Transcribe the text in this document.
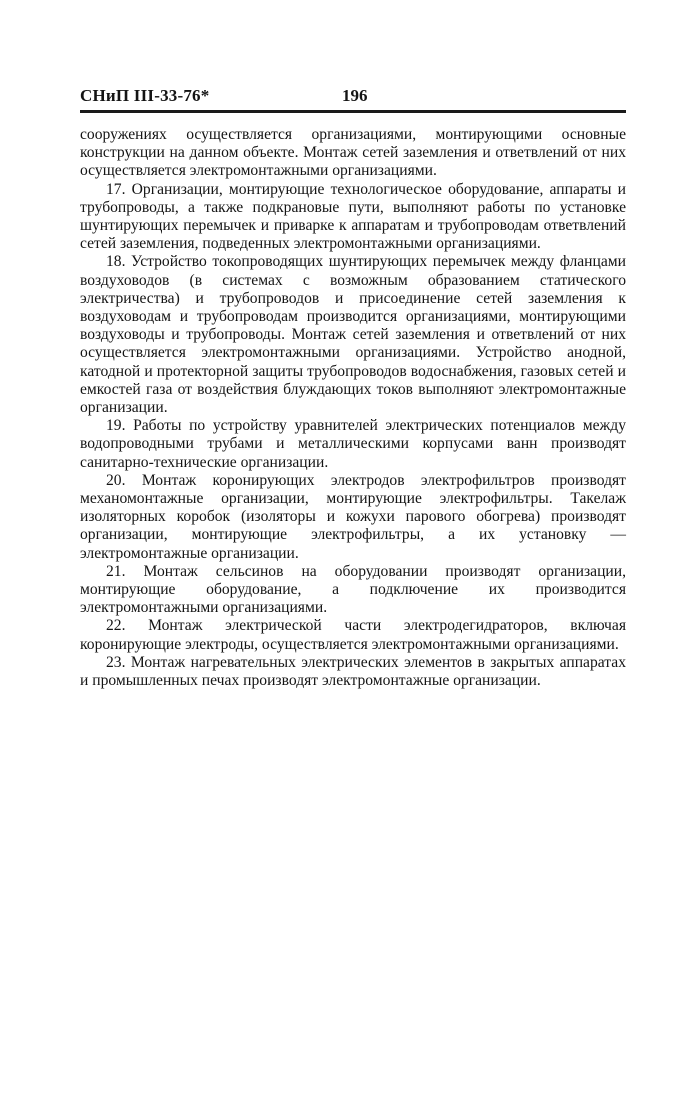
СНиП III-33-76*	196

сооружениях осуществляется организациями, монтирующими основные конструкции на данном объекте. Монтаж сетей заземления и ответвлений от них осуществляется электромонтажными организациями.

17. Организации, монтирующие технологическое оборудование, аппараты и трубопроводы, а также подкрановые пути, выполняют работы по установке шунтирующих перемычек и приварке к аппаратам и трубопроводам ответвлений сетей заземления, подведенных электромонтажными организациями.

18. Устройство токопроводящих шунтирующих перемычек между фланцами воздуховодов (в системах с возможным образованием статического электричества) и трубопроводов и присоединение сетей заземления к воздуховодам и трубопроводам производится организациями, монтирующими воздуховоды и трубопроводы. Монтаж сетей заземления и ответвлений от них осуществляется электромонтажными организациями. Устройство анодной, катодной и протекторной защиты трубопроводов водоснабжения, газовых сетей и емкостей газа от воздействия блуждающих токов выполняют электромонтажные организации.

19. Работы по устройству уравнителей электрических потенциалов между водопроводными трубами и металлическими корпусами ванн производят санитарно-технические организации.

20. Монтаж коронирующих электродов электрофильтров производят механомонтажные организации, монтирующие электрофильтры. Такелаж изоляторных коробок (изоляторы и кожухи парового обогрева) производят организации, монтирующие электрофильтры, а их установку — электромонтажные организации.

21. Монтаж сельсинов на оборудовании производят организации, монтирующие оборудование, а подключение их производится электромонтажными организациями.

22. Монтаж электрической части электродегидраторов, включая коронирующие электроды, осуществляется электромонтажными организациями.

23. Монтаж нагревательных электрических элементов в закрытых аппаратах и промышленных печах производят электромонтажные организации.
